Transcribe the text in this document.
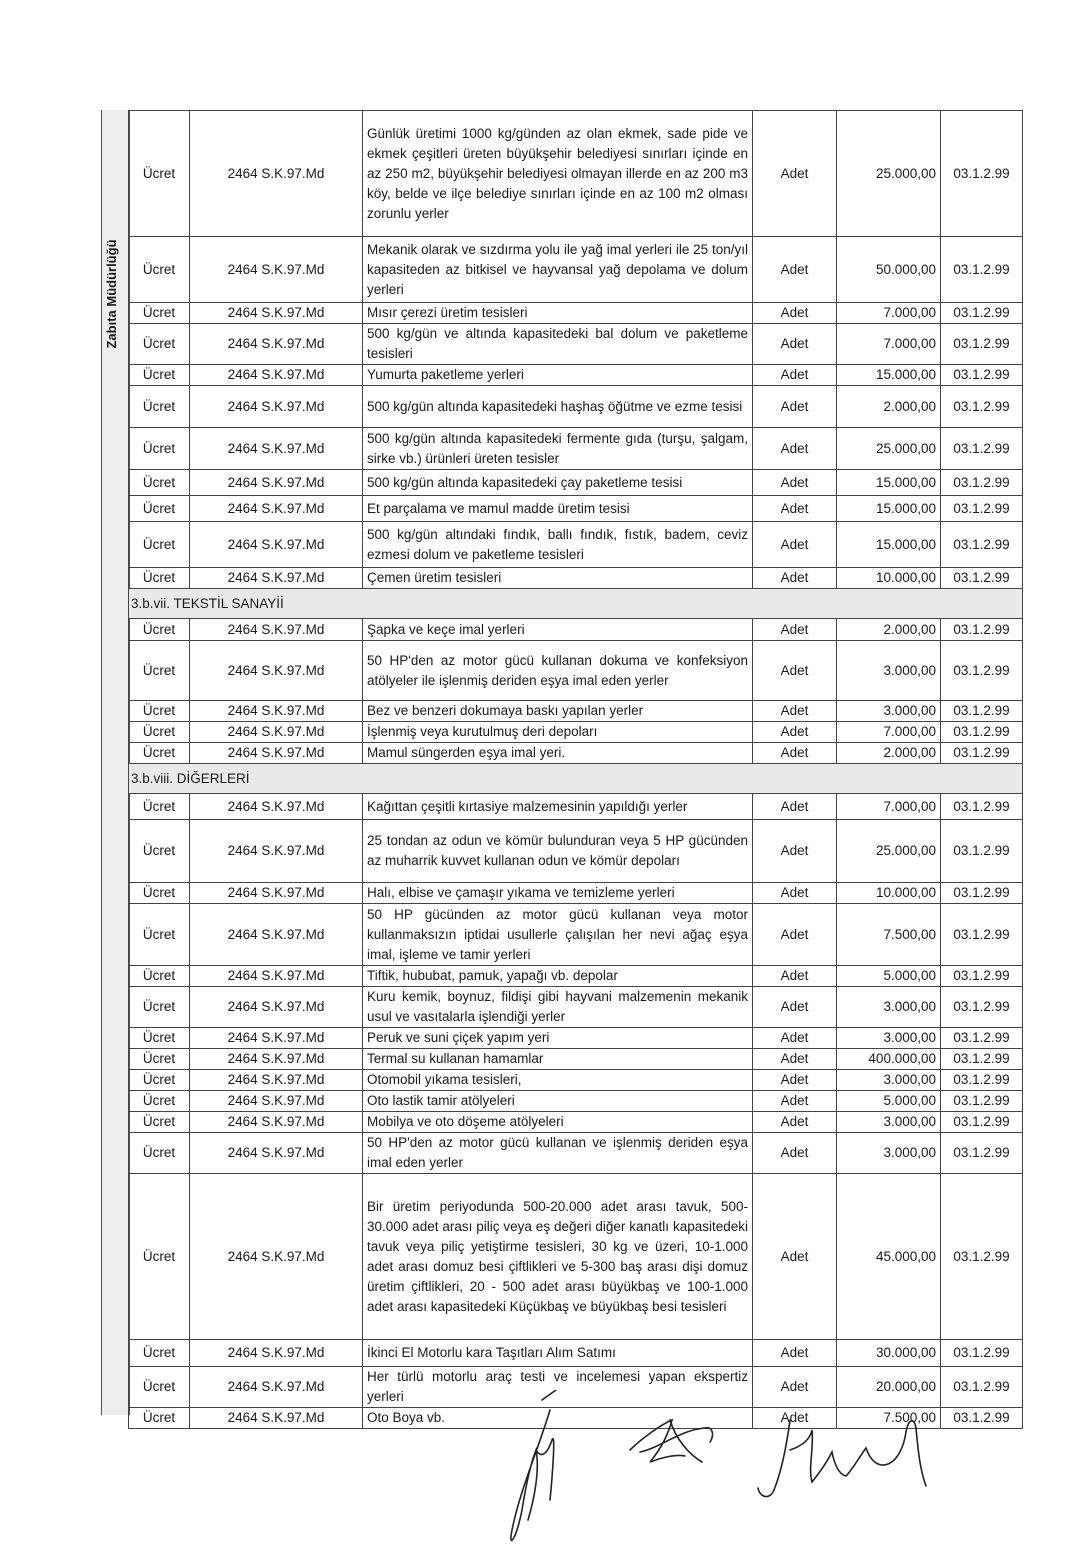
Zabıta Müdürlüğü
Ücret	2464 S.K.97.Md	Günlük üretimi 1000 kg/günden az olan ekmek, sade pide ve ekmek çeşitleri üreten büyükşehir belediyesi sınırları içinde en az 250 m2, büyükşehir belediyesi olmayan illerde en az 200 m3 köy, belde ve ilçe belediye sınırları içinde en az 100 m2 olması zorunlu yerler	Adet	25.000,00	03.1.2.99
Ücret	2464 S.K.97.Md	Mekanik olarak ve sızdırma yolu ile yağ imal yerleri ile 25 ton/yıl kapasiteden az bitkisel ve hayvansal yağ depolama ve dolum yerleri	Adet	50.000,00	03.1.2.99
Ücret	2464 S.K.97.Md	Mısır çerezi üretim tesisleri	Adet	7.000,00	03.1.2.99
Ücret	2464 S.K.97.Md	500 kg/gün ve altında kapasitedeki bal dolum ve paketleme tesisleri	Adet	7.000,00	03.1.2.99
Ücret	2464 S.K.97.Md	Yumurta paketleme yerleri	Adet	15.000,00	03.1.2.99
Ücret	2464 S.K.97.Md	500 kg/gün altında kapasitedeki haşhaş öğütme ve ezme tesisi	Adet	2.000,00	03.1.2.99
Ücret	2464 S.K.97.Md	500 kg/gün altında kapasitedeki fermente gıda (turşu, şalgam, sirke vb.) ürünleri üreten tesisler	Adet	25.000,00	03.1.2.99
Ücret	2464 S.K.97.Md	500 kg/gün altında kapasitedeki çay paketleme tesisi	Adet	15.000,00	03.1.2.99
Ücret	2464 S.K.97.Md	Et parçalama ve mamul madde üretim tesisi	Adet	15.000,00	03.1.2.99
Ücret	2464 S.K.97.Md	500 kg/gün altındaki fındık, ballı fındık, fıstık, badem, ceviz ezmesi dolum ve paketleme tesisleri	Adet	15.000,00	03.1.2.99
Ücret	2464 S.K.97.Md	Çemen üretim tesisleri	Adet	10.000,00	03.1.2.99
3.b.vii. TEKSTİL SANAYİİ					
Ücret	2464 S.K.97.Md	Şapka ve keçe imal yerleri	Adet	2.000,00	03.1.2.99
Ücret	2464 S.K.97.Md	50 HP'den az motor gücü kullanan dokuma ve konfeksiyon atölyeler ile işlenmiş deriden eşya imal eden yerler	Adet	3.000,00	03.1.2.99
Ücret	2464 S.K.97.Md	Bez ve benzeri dokumaya baskı yapılan yerler	Adet	3.000,00	03.1.2.99
Ücret	2464 S.K.97.Md	İşlenmiş veya kurutulmuş deri depoları	Adet	7.000,00	03.1.2.99
Ücret	2464 S.K.97.Md	Mamul süngerden eşya imal yeri.	Adet	2.000,00	03.1.2.99
3.b.viii. DİĞERLERİ					
Ücret	2464 S.K.97.Md	Kağıttan çeşitli kırtasiye malzemesinin yapıldığı yerler	Adet	7.000,00	03.1.2.99
Ücret	2464 S.K.97.Md	25 tondan az odun ve kömür bulunduran veya 5 HP gücünden az muharrik kuvvet kullanan odun ve kömür depoları	Adet	25.000,00	03.1.2.99
Ücret	2464 S.K.97.Md	Halı, elbise ve çamaşır yıkama ve temizleme yerleri	Adet	10.000,00	03.1.2.99
Ücret	2464 S.K.97.Md	50 HP gücünden az motor gücü kullanan veya motor kullanmaksızın iptidai usullerle çalışılan her nevi ağaç eşya imal, işleme ve tamir yerleri	Adet	7.500,00	03.1.2.99
Ücret	2464 S.K.97.Md	Tiftik, hububat, pamuk, yapağı vb. depolar	Adet	5.000,00	03.1.2.99
Ücret	2464 S.K.97.Md	Kuru kemik, boynuz, fildişi gibi hayvani malzemenin mekanik usul ve vasıtalarla işlendiği yerler	Adet	3.000,00	03.1.2.99
Ücret	2464 S.K.97.Md	Peruk ve suni çiçek yapım yeri	Adet	3.000,00	03.1.2.99
Ücret	2464 S.K.97.Md	Termal su kullanan hamamlar	Adet	400.000,00	03.1.2.99
Ücret	2464 S.K.97.Md	Otomobil yıkama tesisleri,	Adet	3.000,00	03.1.2.99
Ücret	2464 S.K.97.Md	Oto lastik tamir atölyeleri	Adet	5.000,00	03.1.2.99
Ücret	2464 S.K.97.Md	Mobilya ve oto döşeme atölyeleri	Adet	3.000,00	03.1.2.99
Ücret	2464 S.K.97.Md	50 HP'den az motor gücü kullanan ve işlenmiş deriden eşya imal eden yerler	Adet	3.000,00	03.1.2.99
Ücret	2464 S.K.97.Md	Bir üretim periyodunda 500-20.000 adet arası tavuk, 500-30.000 adet arası piliç veya eş değeri diğer kanatlı kapasitedeki tavuk veya piliç yetiştirme tesisleri, 30 kg ve üzeri, 10-1.000 adet arası domuz besi çiftlikleri ve 5-300 baş arası dişi domuz üretim çiftlikleri, 20 - 500 adet arası büyükbaş ve 100-1.000 adet arası kapasitedeki Küçükbaş ve büyükbaş besi tesisleri	Adet	45.000,00	03.1.2.99
Ücret	2464 S.K.97.Md	İkinci El Motorlu kara Taşıtları Alım Satımı	Adet	30.000,00	03.1.2.99
Ücret	2464 S.K.97.Md	Her türlü motorlu araç testi ve incelemesi yapan ekspertiz yerleri	Adet	20.000,00	03.1.2.99
Ücret	2464 S.K.97.Md	Oto Boya vb.	Adet	7.500,00	03.1.2.99
